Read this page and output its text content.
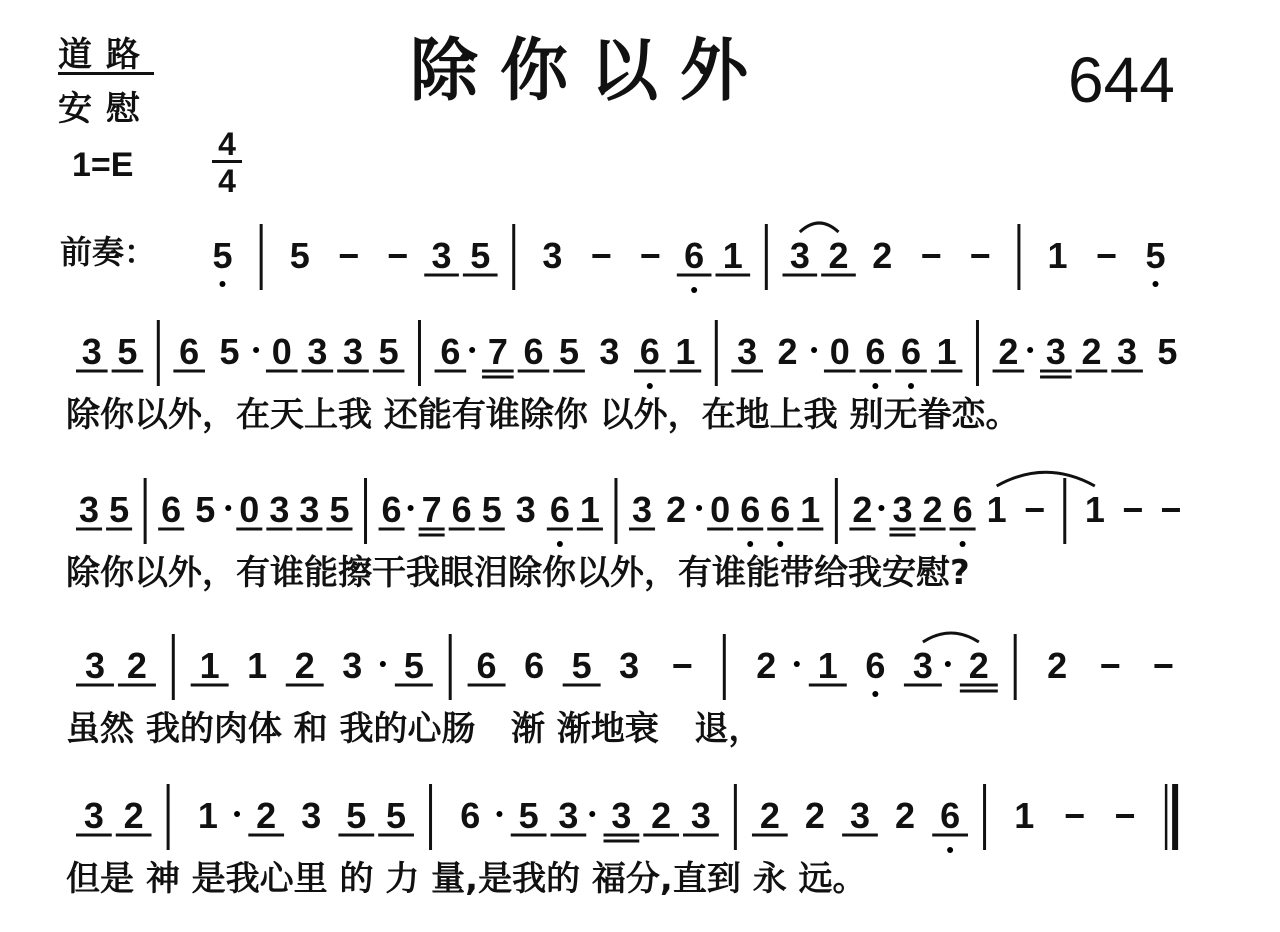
道路
安慰	除你以外	644
1=E
4
4
前奏：
除你以外，在天上我 还能有谁除你 以外，在地上我 别无眷恋。
除你以外，有谁能擦干我眼泪除你以外，有谁能带给我安慰?
虽然 我的肉体 和 我的心肠   渐 渐地衰   退，
但是 神 是我心里 的 力 量,是我的 福分,直到 永 远。
5 5	3 5 3	6 1 3 2 2	1 5
3 5 6 5 0 3 3 5 6 7 6 5 3 6 1 3 2 0 6 6 1 2 3 2 3 5
3 5 6 5 0 3 3 5 6 7 6 5 3 6 1 3 2 0 6 6 1 2 3 2 6 1 1
3 2 1 1 2 3 5 6 6 5 3	2 1 6 3 2 2
3 2 1 2 3 5 5 6 5 3 3 2 3 2 2 3 2 6 1
